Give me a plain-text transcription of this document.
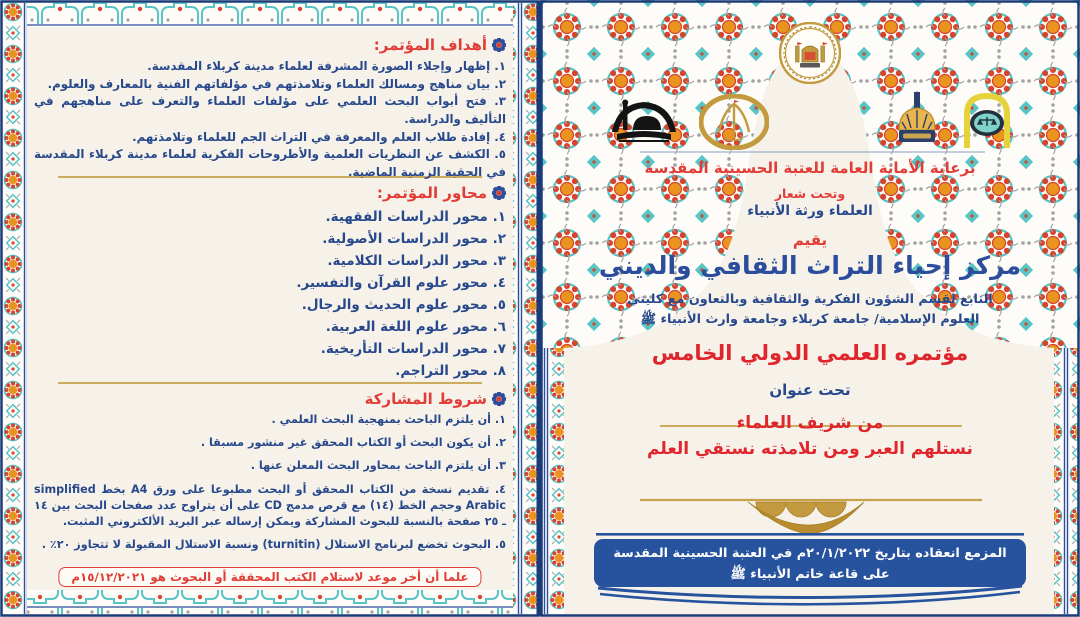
أهداف المؤتمر:
١. إظهار وإجلاء الصورة المشرفة لعلماء مدينة كربلاء المقدسة.
٢. بيان مناهج ومسالك العلماء وتلامذتهم في مؤلفاتهم الفنية بالمعارف والعلوم.
٣. فتح أبواب البحث العلمي على مؤلفات العلماء والتعرف على مناهجهم في التأليف والدراسة.
٤. إفادة طلاب العلم والمعرفة في التراث الجم للعلماء وتلامذتهم.
٥. الكشف عن النظريات العلمية والأطروحات الفكرية لعلماء مدينة كربلاء المقدسة في الحقبة الزمنية الماضية.
محاور المؤتمر:
١. محور الدراسات الفقهية.
٢. محور الدراسات الأصولية.
٣. محور الدراسات الكلامية.
٤. محور علوم القرآن والتفسير.
٥. محور علوم الحديث والرجال.
٦. محور علوم اللغة العربية.
٧. محور الدراسات التأريخية.
٨. محور التراجم.
شروط المشاركة
١. أن يلتزم الباحث بمنهجية البحث العلمي .
٢. أن يكون البحث أو الكتاب المحقق غير منشور مسبقا .
٣. أن يلتزم الباحث بمحاور البحث المعلن عنها .
٤. تقديم نسخة من الكتاب المحقق أو البحث مطبوعا على ورق A4 بخط simplified Arabic وحجم الخط (١٤) مع قرص مدمج CD على أن يتراوح عدد صفحات البحث بين ١٤ ـ ٢٥ صفحة بالنسبة للبحوث المشاركة ويمكن إرساله عبر البريد الألكتروني المثبت.
٥. البحوث تخضع لبرنامج الاستلال (turnitin) ونسبة الاستلال المقبولة لا تتجاوز ٢٠٪ .
علما أن أخر موعد لاستلام الكتب المحققة أو البحوث هو ١٥/١٢/٢٠٢١م
برعاية الأمانة العامة للعتبة الحسينية المقدسة
وتحت شعار
العلماء ورثة الأنبياء
يقيم
مركز إحياء التراث الثقافي والديني
التابع لقسم الشؤون الفكرية والثقافية وبالتعاون مع كليتي
العلوم الإسلامية/ جامعة كربلاء وجامعة وارث الأنبياء ﷺ
مؤتمره العلمي الدولي الخامس
تحت عنوان
من شريف العلماء
نستلهم العبر ومن تلامذته نستقي العلم
المزمع انعقاده بتاريخ ٢٠/١/٢٠٢٢م في العتبة الحسينية المقدسة
على قاعة خاتم الأنبياء ﷺ
